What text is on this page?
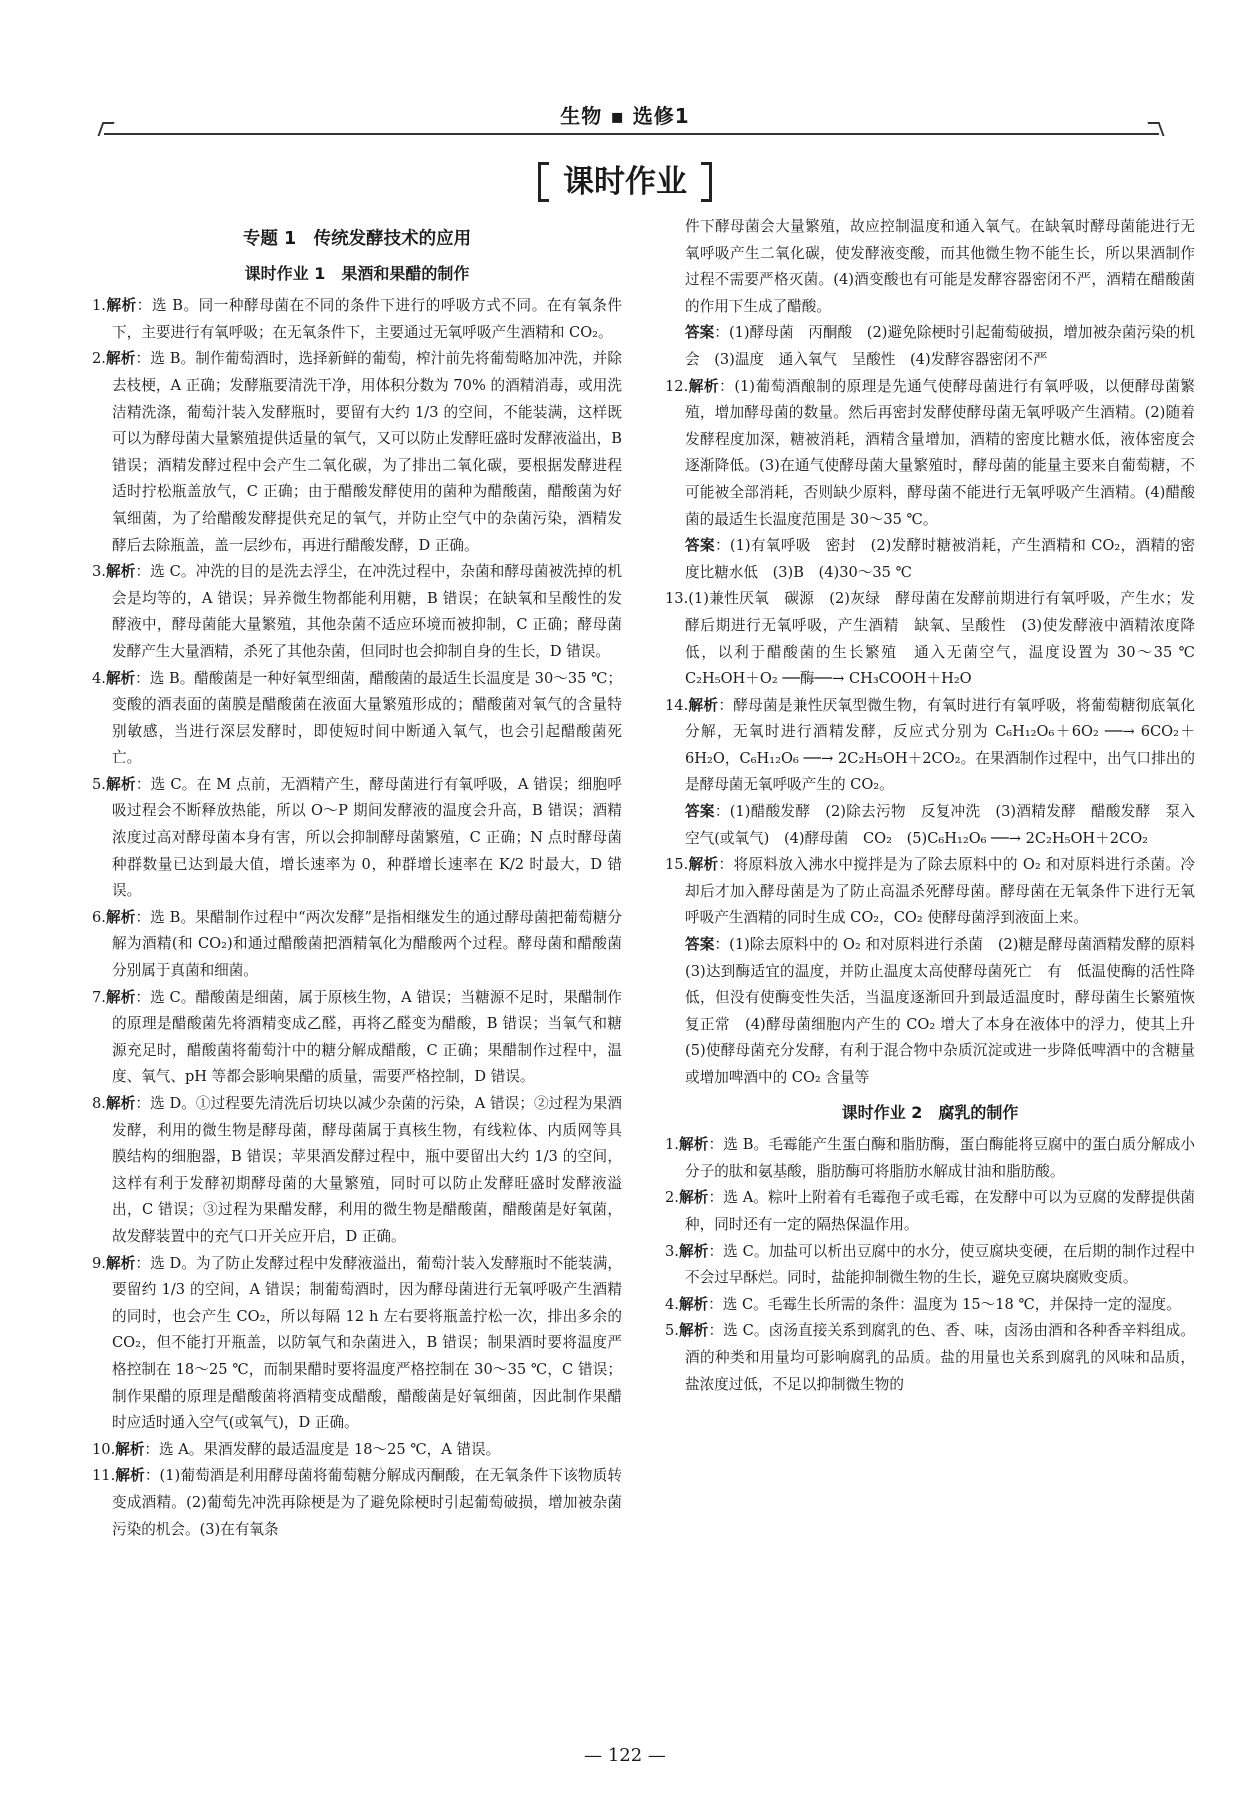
生物 ▪ 选修1
课时作业
专题 1　传统发酵技术的应用
课时作业 1　果酒和果醋的制作

1.解析：选 B。同一种酵母菌在不同的条件下进行的呼吸方式不同。在有氧条件下，主要进行有氧呼吸；在无氧条件下，主要通过无氧呼吸产生酒精和 CO₂。

2.解析：选 B。制作葡萄酒时，选择新鲜的葡萄，榨汁前先将葡萄略加冲洗，并除去枝梗，A 正确；发酵瓶要清洗干净，用体积分数为 70% 的酒精消毒，或用洗洁精洗涤，葡萄汁装入发酵瓶时，要留有大约 1/3 的空间，不能装满，这样既可以为酵母菌大量繁殖提供适量的氧气，又可以防止发酵旺盛时发酵液溢出，B 错误；酒精发酵过程中会产生二氧化碳，为了排出二氧化碳，要根据发酵进程适时拧松瓶盖放气，C 正确；由于醋酸发酵使用的菌种为醋酸菌，醋酸菌为好氧细菌，为了给醋酸发酵提供充足的氧气，并防止空气中的杂菌污染，酒精发酵后去除瓶盖，盖一层纱布，再进行醋酸发酵，D 正确。

3.解析：选 C。冲洗的目的是洗去浮尘，在冲洗过程中，杂菌和酵母菌被洗掉的机会是均等的，A 错误；异养微生物都能利用糖，B 错误；在缺氧和呈酸性的发酵液中，酵母菌能大量繁殖，其他杂菌不适应环境而被抑制，C 正确；酵母菌发酵产生大量酒精，杀死了其他杂菌，但同时也会抑制自身的生长，D 错误。

4.解析：选 B。醋酸菌是一种好氧型细菌，醋酸菌的最适生长温度是 30～35 ℃；变酸的酒表面的菌膜是醋酸菌在液面大量繁殖形成的；醋酸菌对氧气的含量特别敏感，当进行深层发酵时，即使短时间中断通入氧气，也会引起醋酸菌死亡。

5.解析：选 C。在 M 点前，无酒精产生，酵母菌进行有氧呼吸，A 错误；细胞呼吸过程会不断释放热能，所以 O～P 期间发酵液的温度会升高，B 错误；酒精浓度过高对酵母菌本身有害，所以会抑制酵母菌繁殖，C 正确；N 点时酵母菌种群数量已达到最大值，增长速率为 0，种群增长速率在 K/2 时最大，D 错误。

6.解析：选 B。果醋制作过程中“两次发酵”是指相继发生的通过酵母菌把葡萄糖分解为酒精(和 CO₂)和通过醋酸菌把酒精氧化为醋酸两个过程。酵母菌和醋酸菌分别属于真菌和细菌。

7.解析：选 C。醋酸菌是细菌，属于原核生物，A 错误；当糖源不足时，果醋制作的原理是醋酸菌先将酒精变成乙醛，再将乙醛变为醋酸，B 错误；当氧气和糖源充足时，醋酸菌将葡萄汁中的糖分解成醋酸，C 正确；果醋制作过程中，温度、氧气、pH 等都会影响果醋的质量，需要严格控制，D 错误。

8.解析：选 D。①过程要先清洗后切块以减少杂菌的污染，A 错误；②过程为果酒发酵，利用的微生物是酵母菌，酵母菌属于真核生物，有线粒体、内质网等具膜结构的细胞器，B 错误；苹果酒发酵过程中，瓶中要留出大约 1/3 的空间，这样有利于发酵初期酵母菌的大量繁殖，同时可以防止发酵旺盛时发酵液溢出，C 错误；③过程为果醋发酵，利用的微生物是醋酸菌，醋酸菌是好氧菌，故发酵装置中的充气口开关应开启，D 正确。

9.解析：选 D。为了防止发酵过程中发酵液溢出，葡萄汁装入发酵瓶时不能装满，要留约 1/3 的空间，A 错误；制葡萄酒时，因为酵母菌进行无氧呼吸产生酒精的同时，也会产生 CO₂，所以每隔 12 h 左右要将瓶盖拧松一次，排出多余的 CO₂，但不能打开瓶盖，以防氧气和杂菌进入，B 错误；制果酒时要将温度严格控制在 18～25 ℃，而制果醋时要将温度严格控制在 30～35 ℃，C 错误；制作果醋的原理是醋酸菌将酒精变成醋酸，醋酸菌是好氧细菌，因此制作果醋时应适时通入空气(或氧气)，D 正确。

10.解析：选 A。果酒发酵的最适温度是 18～25 ℃，A 错误。

11.解析：(1)葡萄酒是利用酵母菌将葡萄糖分解成丙酮酸，在无氧条件下该物质转变成酒精。(2)葡萄先冲洗再除梗是为了避免除梗时引起葡萄破损，增加被杂菌污染的机会。(3)在有氧条

件下酵母菌会大量繁殖，故应控制温度和通入氧气。在缺氧时酵母菌能进行无氧呼吸产生二氧化碳，使发酵液变酸，而其他微生物不能生长，所以果酒制作过程不需要严格灭菌。(4)酒变酸也有可能是发酵容器密闭不严，酒精在醋酸菌的作用下生成了醋酸。

答案：(1)酵母菌　丙酮酸　(2)避免除梗时引起葡萄破损，增加被杂菌污染的机会　(3)温度　通入氧气　呈酸性　(4)发酵容器密闭不严

12.解析：(1)葡萄酒酿制的原理是先通气使酵母菌进行有氧呼吸，以便酵母菌繁殖，增加酵母菌的数量。然后再密封发酵使酵母菌无氧呼吸产生酒精。(2)随着发酵程度加深，糖被消耗，酒精含量增加，酒精的密度比糖水低，液体密度会逐渐降低。(3)在通气使酵母菌大量繁殖时，酵母菌的能量主要来自葡萄糖，不可能被全部消耗，否则缺少原料，酵母菌不能进行无氧呼吸产生酒精。(4)醋酸菌的最适生长温度范围是 30～35 ℃。

答案：(1)有氧呼吸　密封　(2)发酵时糖被消耗，产生酒精和 CO₂，酒精的密度比糖水低　(3)B　(4)30～35 ℃

13.(1)兼性厌氧　碳源　(2)灰绿　酵母菌在发酵前期进行有氧呼吸，产生水；发酵后期进行无氧呼吸，产生酒精　缺氧、呈酸性　(3)使发酵液中酒精浓度降低，以利于醋酸菌的生长繁殖　通入无菌空气，温度设置为 30～35 ℃　C₂H₅OH＋O₂ ──酶──→ CH₃COOH＋H₂O

14.解析：酵母菌是兼性厌氧型微生物，有氧时进行有氧呼吸，将葡萄糖彻底氧化分解，无氧时进行酒精发酵，反应式分别为 C₆H₁₂O₆＋6O₂ ──→ 6CO₂＋6H₂O，C₆H₁₂O₆ ──→ 2C₂H₅OH＋2CO₂。在果酒制作过程中，出气口排出的是酵母菌无氧呼吸产生的 CO₂。

答案：(1)醋酸发酵　(2)除去污物　反复冲洗　(3)酒精发酵　醋酸发酵　泵入空气(或氧气)　(4)酵母菌　CO₂　(5)C₆H₁₂O₆ ──→ 2C₂H₅OH＋2CO₂

15.解析：将原料放入沸水中搅拌是为了除去原料中的 O₂ 和对原料进行杀菌。冷却后才加入酵母菌是为了防止高温杀死酵母菌。酵母菌在无氧条件下进行无氧呼吸产生酒精的同时生成 CO₂，CO₂ 使酵母菌浮到液面上来。

答案：(1)除去原料中的 O₂ 和对原料进行杀菌　(2)糖是酵母菌酒精发酵的原料　(3)达到酶适宜的温度，并防止温度太高使酵母菌死亡　有　低温使酶的活性降低，但没有使酶变性失活，当温度逐渐回升到最适温度时，酵母菌生长繁殖恢复正常　(4)酵母菌细胞内产生的 CO₂ 增大了本身在液体中的浮力，使其上升　(5)使酵母菌充分发酵，有利于混合物中杂质沉淀或进一步降低啤酒中的含糖量或增加啤酒中的 CO₂ 含量等

课时作业 2　腐乳的制作

1.解析：选 B。毛霉能产生蛋白酶和脂肪酶，蛋白酶能将豆腐中的蛋白质分解成小分子的肽和氨基酸，脂肪酶可将脂肪水解成甘油和脂肪酸。

2.解析：选 A。粽叶上附着有毛霉孢子或毛霉，在发酵中可以为豆腐的发酵提供菌种，同时还有一定的隔热保温作用。

3.解析：选 C。加盐可以析出豆腐中的水分，使豆腐块变硬，在后期的制作过程中不会过早酥烂。同时，盐能抑制微生物的生长，避免豆腐块腐败变质。

4.解析：选 C。毛霉生长所需的条件：温度为 15～18 ℃，并保持一定的湿度。

5.解析：选 C。卤汤直接关系到腐乳的色、香、味，卤汤由酒和各种香辛料组成。酒的种类和用量均可影响腐乳的品质。盐的用量也关系到腐乳的风味和品质，盐浓度过低，不足以抑制微生物的

— 122 —
